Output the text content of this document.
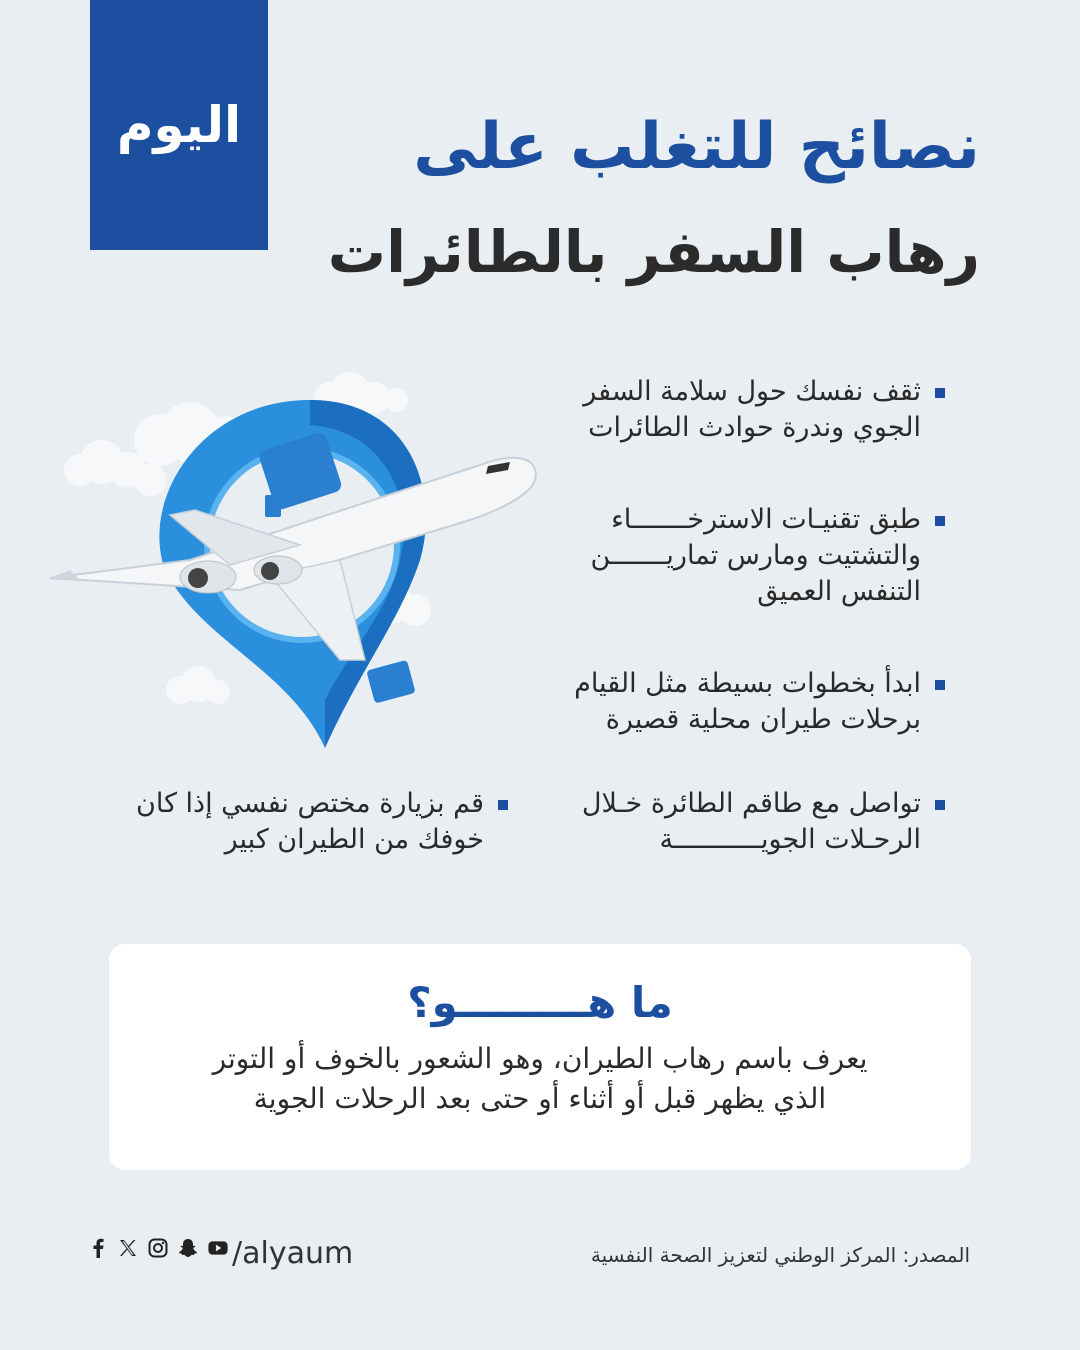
اليوم	نصائح للتغلب على
رهاب السفر بالطائرات
ثقف نفسك حول سلامة السفر
الجوي وندرة حوادث الطائرات
طبق تقنيـات الاسترخـــــــاء
والتشتيت ومارس تماريـــــــن
التنفس العميق
ابدأ بخطوات بسيطة مثل القيام
برحلات طيران محلية قصيرة
تواصل مع طاقم الطائرة خـلال
الرحـلات الجويـــــــــــة
قم بزيارة مختص نفسي إذا كان
خوفك من الطيران كبير
ما هـــــــــو؟
يعرف باسم رهاب الطيران، وهو الشعور بالخوف أو التوتر
الذي يظهر قبل أو أثناء أو حتى بعد الرحلات الجوية
المصدر: المركز الوطني لتعزيز الصحة النفسية
/alyaum
